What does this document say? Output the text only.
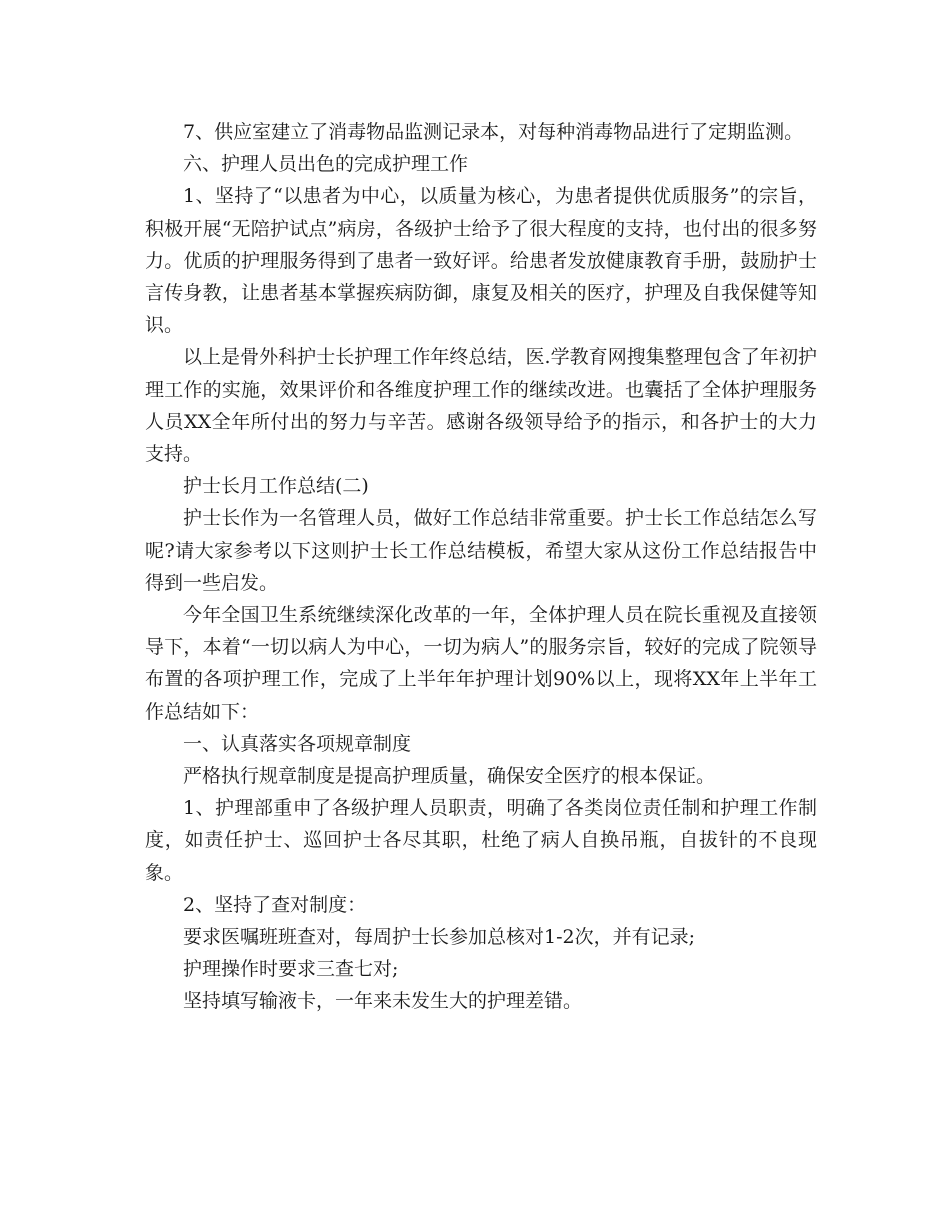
7、供应室建立了消毒物品监测记录本，对每种消毒物品进行了定期监测。

六、护理人员出色的完成护理工作

1、坚持了“以患者为中心，以质量为核心，为患者提供优质服务”的宗旨，积极开展“无陪护试点”病房，各级护士给予了很大程度的支持，也付出的很多努力。优质的护理服务得到了患者一致好评。给患者发放健康教育手册，鼓励护士言传身教，让患者基本掌握疾病防御，康复及相关的医疗，护理及自我保健等知识。

以上是骨外科护士长护理工作年终总结，医.学教育网搜集整理包含了年初护理工作的实施，效果评价和各维度护理工作的继续改进。也囊括了全体护理服务人员XX全年所付出的努力与辛苦。感谢各级领导给予的指示，和各护士的大力支持。

护士长月工作总结(二)

护士长作为一名管理人员，做好工作总结非常重要。护士长工作总结怎么写呢?请大家参考以下这则护士长工作总结模板，希望大家从这份工作总结报告中得到一些启发。

今年全国卫生系统继续深化改革的一年，全体护理人员在院长重视及直接领导下，本着“一切以病人为中心，一切为病人”的服务宗旨，较好的完成了院领导布置的各项护理工作，完成了上半年年护理计划90%以上，现将XX年上半年工作总结如下：

一、认真落实各项规章制度

严格执行规章制度是提高护理质量，确保安全医疗的根本保证。

1、护理部重申了各级护理人员职责，明确了各类岗位责任制和护理工作制度，如责任护士、巡回护士各尽其职，杜绝了病人自换吊瓶，自拔针的不良现象。

2、坚持了查对制度：

要求医嘱班班查对，每周护士长参加总核对1-2次，并有记录;

护理操作时要求三查七对;

坚持填写输液卡，一年来未发生大的护理差错。
